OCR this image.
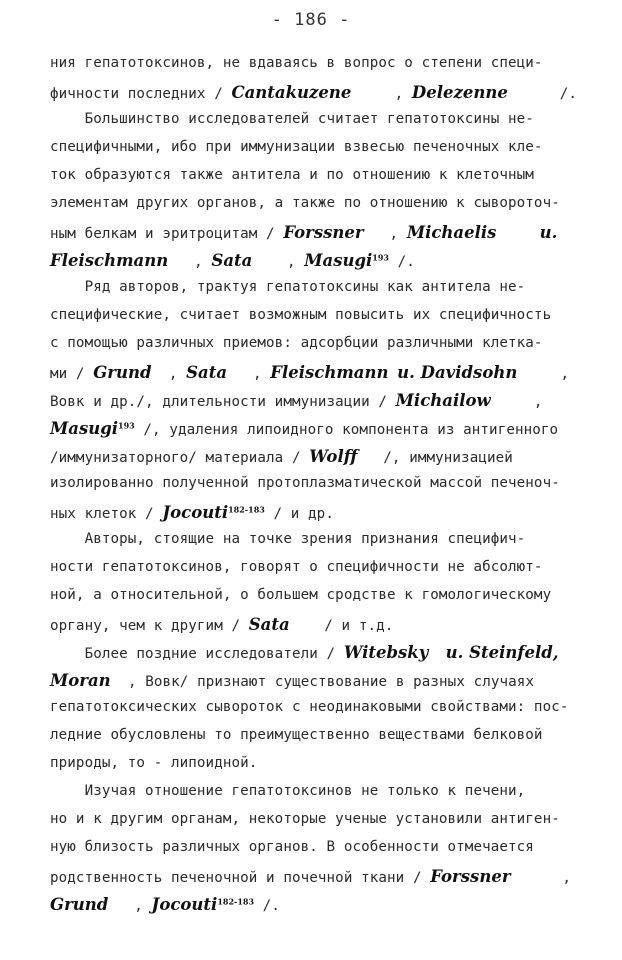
- 186 -
ния гепатотоксинов, не вдаваясь в вопрос о степени специ-
фичности последних / Cantakuzene     , Delezenne      /.
Большинство исследователей считает гепатотоксины не-
специфичными, ибо при иммунизации взвесью печеночных кле-
ток образуются также антитела и по отношению к клеточным
элементам других органов, а также по отношению к сывороточ-
ным белкам и эритроцитам / Forssner   , Michaelis	u.
Fleischmann   , Sata    , Masugi$^{193}$ /.
Ряд авторов, трактуя гепатотоксины как антитела не-
специфические, считает возможным повысить их специфичность
с помощью различных приемов: адсорбции различными клетка-
ми / Grund  , Sata   , Fleischmann u. Davidsohn     ,
Вовк и др./, длительности иммунизации / Michailow     ,
Masugi$^{193}$ /, удаления липоидного компонента из антигенного
/иммунизаторного/ материала / Wolff   /, иммунизацией
изолированно полученной протоплазматической массой печеноч-
ных клеток / Jocouti$^{182-183}$ / и др.
Авторы, стоящие на точке зрения признания специфич-
ности гепатотоксинов, говорят о специфичности не абсолют-
ной, а относительной, о большем сродстве к гомологическому
органу, чем к другим / Sata    / и т.д.
Более поздние исследователи / Witebsky u. Steinfeld,
Moran  , Вовк/ признают существование в разных случаях
гепатотоксических сывороток с неодинаковыми свойствами: пос-
ледние обусловлены то преимущественно веществами белковой
природы, то - липоидной.
Изучая отношение гепатотоксинов не только к печени,
но и к другим органам, некоторые ученые установили антиген-
ную близость различных органов. В особенности отмечается
родственность печеночной и почечной ткани / Forssner      ,
Grund   , Jocouti$^{182-183}$ /.
